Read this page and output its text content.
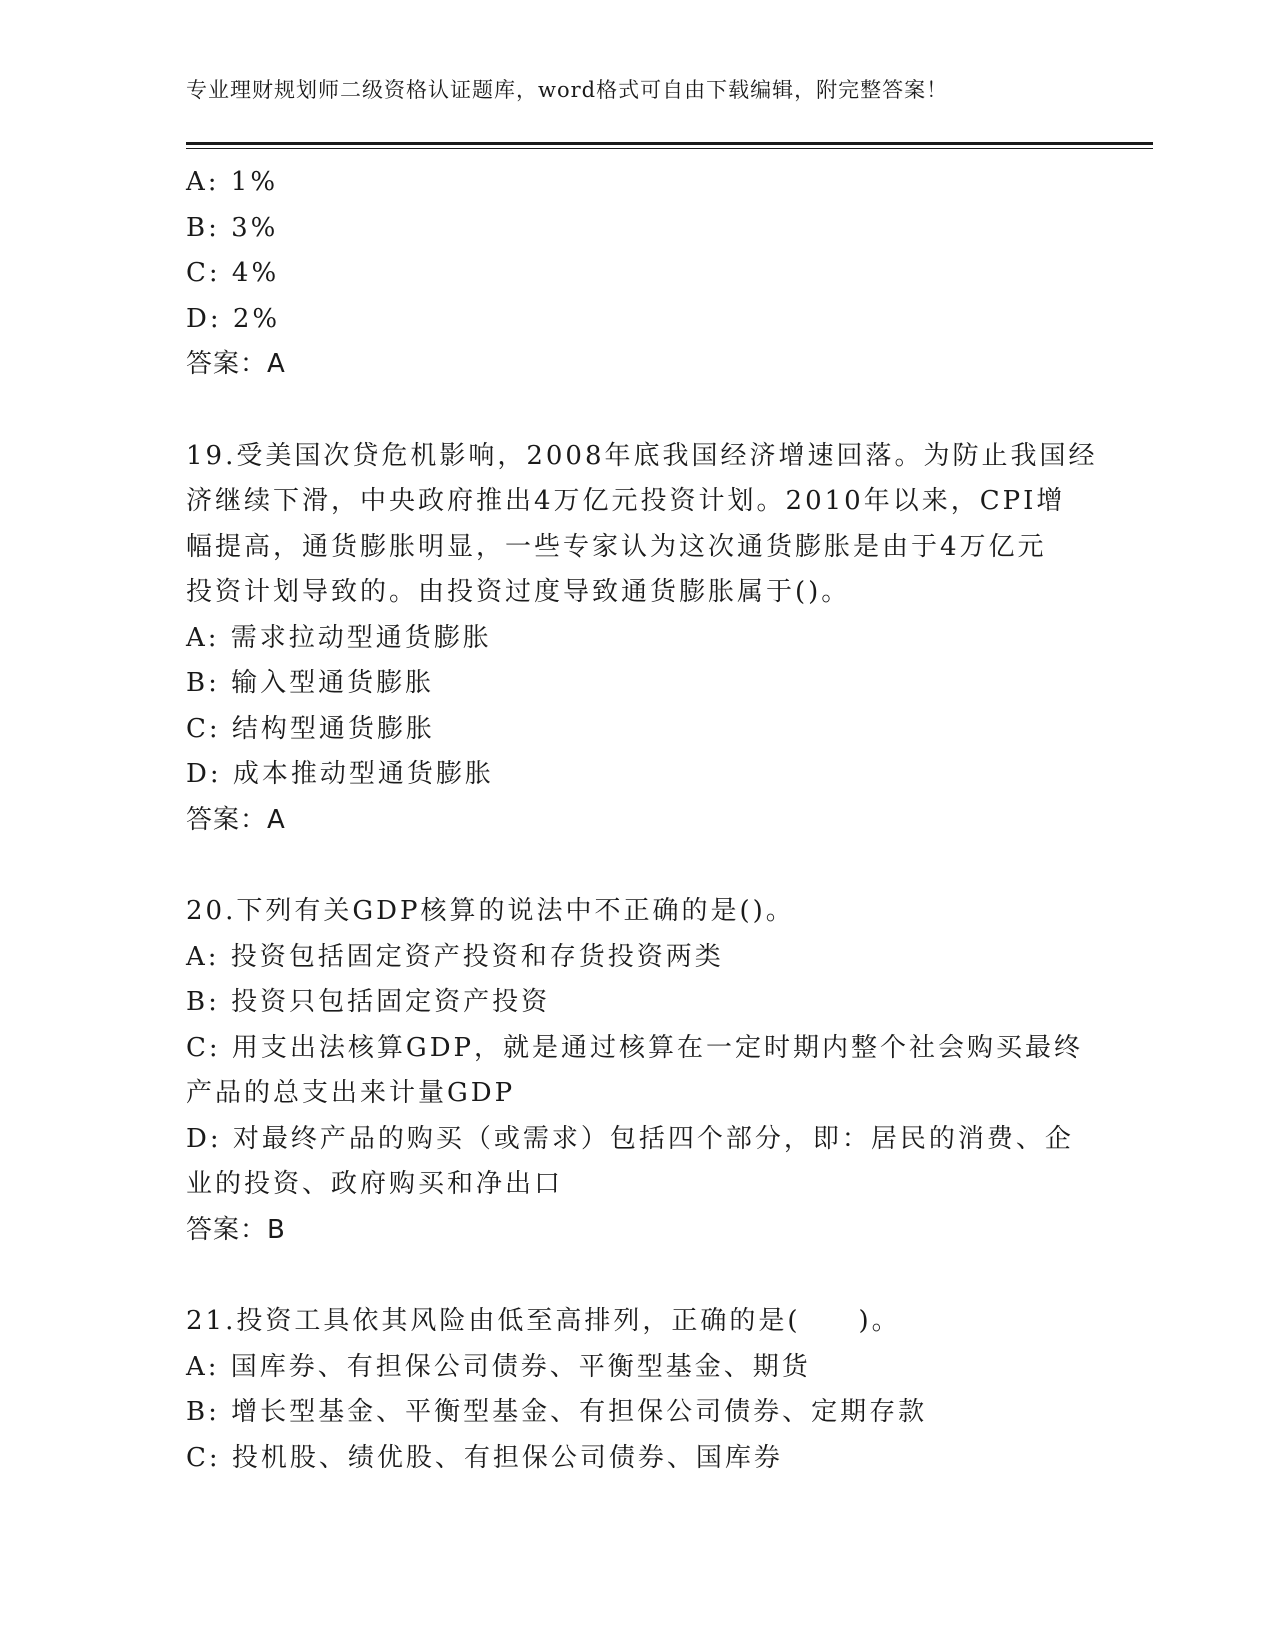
专业理财规划师二级资格认证题库，word格式可自由下载编辑，附完整答案！
A: 1%
B: 3%
C: 4%
D: 2%
答案：A
19.受美国次贷危机影响，2008年底我国经济增速回落。为防止我国经
济继续下滑，中央政府推出4万亿元投资计划。2010年以来，CPI增
幅提高，通货膨胀明显，一些专家认为这次通货膨胀是由于4万亿元
投资计划导致的。由投资过度导致通货膨胀属于()。
A: 需求拉动型通货膨胀
B: 输入型通货膨胀
C: 结构型通货膨胀
D: 成本推动型通货膨胀
答案：A
20.下列有关GDP核算的说法中不正确的是()。
A: 投资包括固定资产投资和存货投资两类
B: 投资只包括固定资产投资
C: 用支出法核算GDP，就是通过核算在一定时期内整个社会购买最终
产品的总支出来计量GDP
D: 对最终产品的购买（或需求）包括四个部分，即：居民的消费、企
业的投资、政府购买和净出口
答案：B
21.投资工具依其风险由低至高排列，正确的是(　　)。
A: 国库券、有担保公司债券、平衡型基金、期货
B: 增长型基金、平衡型基金、有担保公司债券、定期存款
C: 投机股、绩优股、有担保公司债券、国库券
